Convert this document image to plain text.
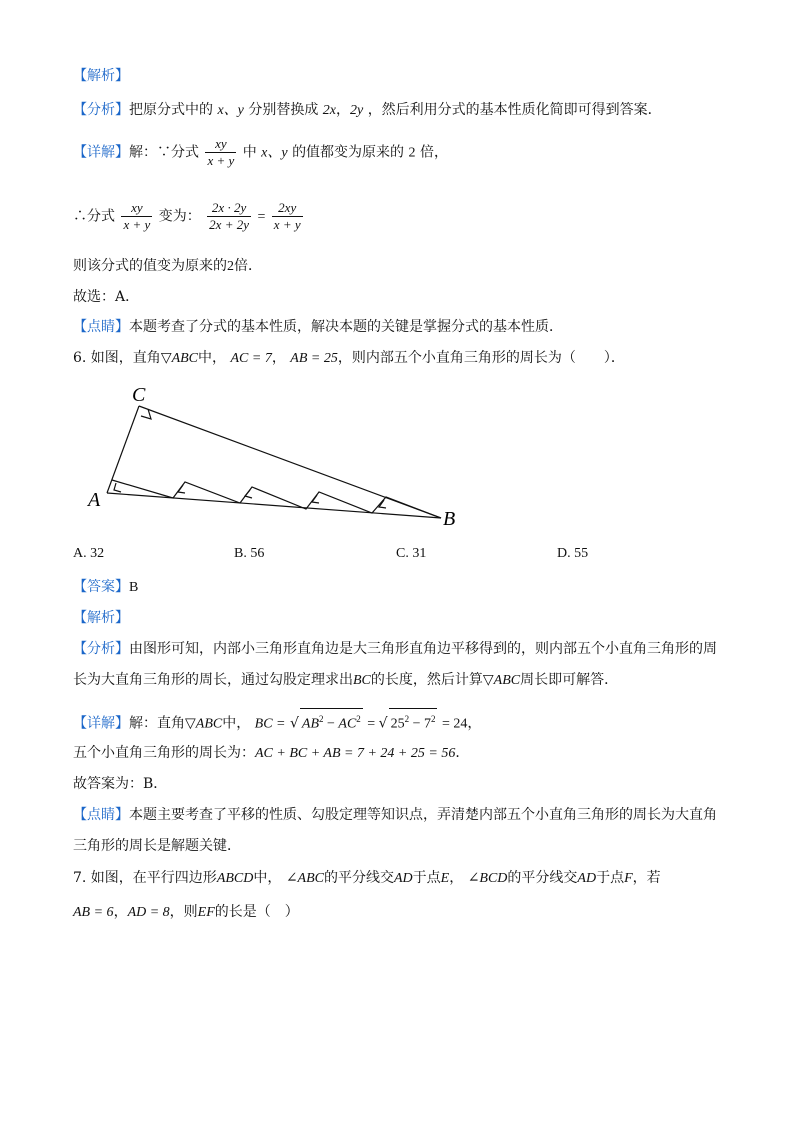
【解析】
【分析】把原分式中的 x、y 分别替换成 2x，2y ，然后利用分式的基本性质化简即可得到答案．
【详解】解：∵分式 $\frac{xy}{x + y}$ 中 x、y 的值都变为原来的 2 倍，
∴分式 $\frac{xy}{x + y}$ 变为： $\frac{2x \cdot 2y}{2x + 2y} = \frac{2xy}{x + y}$
则该分式的值变为原来的2倍．
故选：A．
【点睛】本题考查了分式的基本性质，解决本题的关键是掌握分式的基本性质．
6. 如图，直角▽ABC中， AC = 7， AB = 25，则内部五个小直角三角形的周长为（　　）．
C
A
B
A. 32	B. 56	C. 31	D. 55
【答案】B
【解析】
【分析】由图形可知，内部小三角形直角边是大三角形直角边平移得到的，则内部五个小直角三角形的周
长为大直角三角形的周长，通过勾股定理求出BC的长度，然后计算▽ABC周长即可解答．
【详解】解：直角▽ABC中， BC = √ $AB^2 - AC^2$ = √ $25^2 - 7^2 = 24$，
五个小直角三角形的周长为：AC + BC + AB = 7 + 24 + 25 = 56．
故答案为：B．
【点睛】本题主要考查了平移的性质、勾股定理等知识点，弄清楚内部五个小直角三角形的周长为大直角
三角形的周长是解题关键．
7. 如图，在平行四边形ABCD中， ∠ABC的平分线交AD于点E， ∠BCD的平分线交AD于点F，若
AB = 6，AD = 8，则EF的长是（　）
